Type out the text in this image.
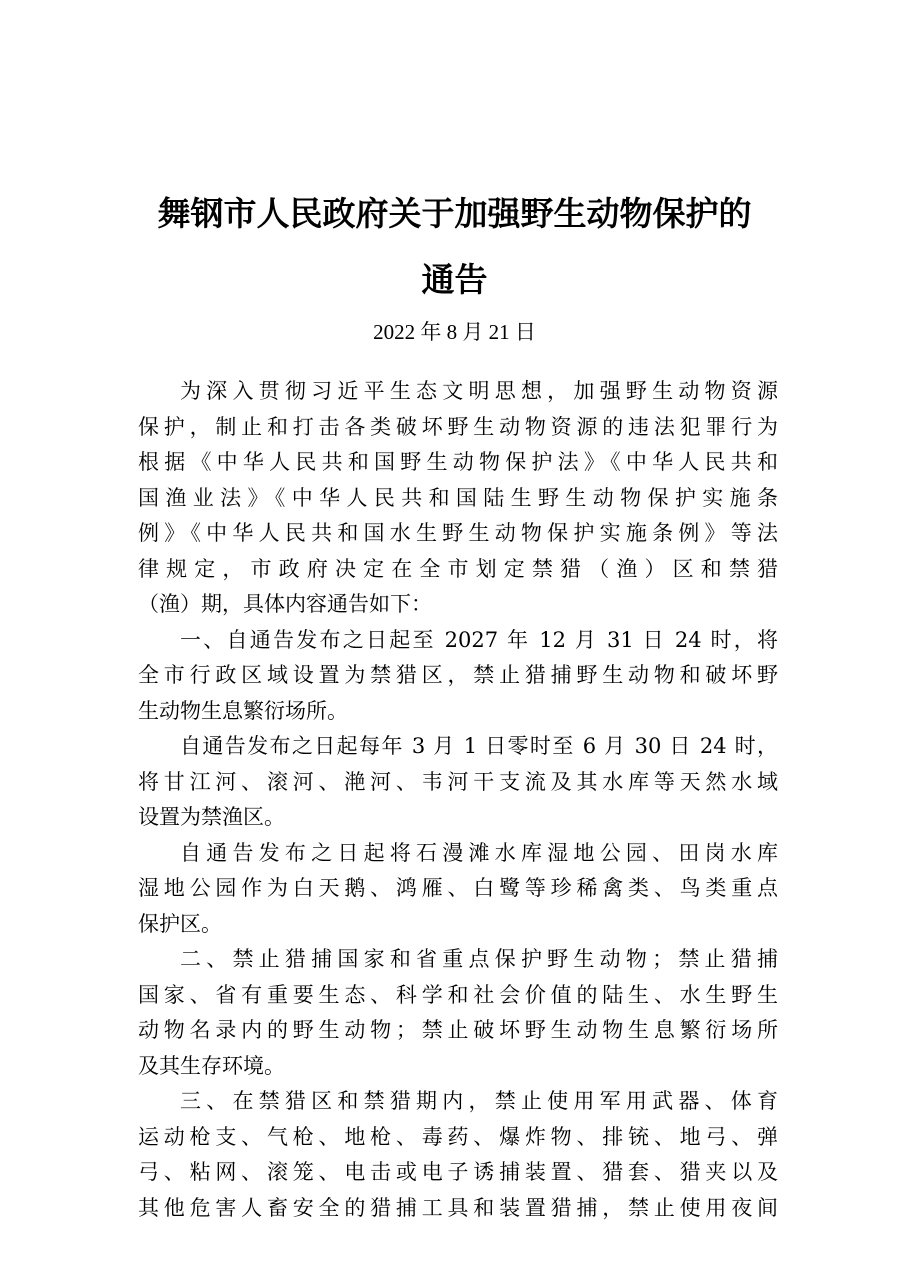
舞钢市人民政府关于加强野生动物保护的
通告
2022 年 8 月 21 日
为深入贯彻习近平生态文明思想，加强野生动物资源
保护，制止和打击各类破坏野生动物资源的违法犯罪行为
根据《中华人民共和国野生动物保护法》《中华人民共和
国渔业法》《中华人民共和国陆生野生动物保护实施条
例》《中华人民共和国水生野生动物保护实施条例》等法
律规定，市政府决定在全市划定禁猎（渔）区和禁猎
（渔）期，具体内容通告如下：
一、自通告发布之日起至 2027 年 12 月 31 日 24 时，将
全市行政区域设置为禁猎区，禁止猎捕野生动物和破坏野
生动物生息繁衍场所。
自通告发布之日起每年 3 月 1 日零时至 6 月 30 日 24 时，
将甘江河、滚河、滟河、韦河干支流及其水库等天然水域
设置为禁渔区。
自通告发布之日起将石漫滩水库湿地公园、田岗水库
湿地公园作为白天鹅、鸿雁、白鹭等珍稀禽类、鸟类重点
保护区。
二、禁止猎捕国家和省重点保护野生动物；禁止猎捕
国家、省有重要生态、科学和社会价值的陆生、水生野生
动物名录内的野生动物；禁止破坏野生动物生息繁衍场所
及其生存环境。
三、在禁猎区和禁猎期内，禁止使用军用武器、体育
运动枪支、气枪、地枪、毒药、爆炸物、排铳、地弓、弹
弓、粘网、滚笼、电击或电子诱捕装置、猎套、猎夹以及
其他危害人畜安全的猎捕工具和装置猎捕，禁止使用夜间
